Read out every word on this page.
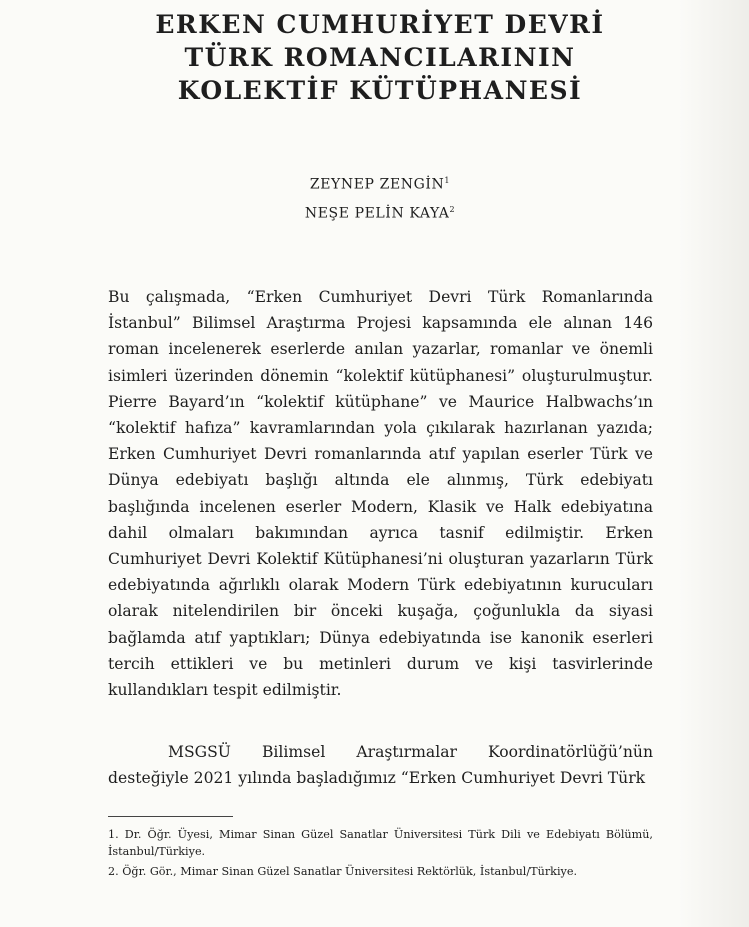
ERKEN CUMHURİYET DEVRİ
TÜRK ROMANCILARININ
KOLEKTİF KÜTÜPHANESİ
ZEYNEP ZENGİN$^1$
NEŞE PELİN KAYA$^2$

Bu çalışmada, “Erken Cumhuriyet Devri Türk Romanlarında İstanbul” Bilimsel Araştırma Projesi kapsamında ele alınan 146 roman incelenerek eserlerde anılan yazarlar, romanlar ve önemli isimleri üzerinden dönemin “kolektif kütüphanesi” oluşturulmuştur. Pierre Bayard’ın “kolektif kütüphane” ve Maurice Halbwachs’ın “kolektif hafıza” kavramlarından yola çıkılarak hazırlanan yazıda; Erken Cumhuriyet Devri romanlarında atıf yapılan eserler Türk ve Dünya edebiyatı başlığı altında ele alınmış, Türk edebiyatı başlığında incelenen eserler Modern, Klasik ve Halk edebiyatına dahil olmaları bakımından ayrıca tasnif edilmiştir. Erken Cumhuriyet Devri Kolektif Kütüphanesi’ni oluşturan yazarların Türk edebiyatında ağırlıklı olarak Modern Türk edebiyatının kurucuları olarak nitelendirilen bir önceki kuşağa, çoğunlukla da siyasi bağlamda atıf yaptıkları; Dünya edebiyatında ise kanonik eserleri tercih ettikleri ve bu metinleri durum ve kişi tasvirlerinde kullandıkları tespit edilmiştir.

MSGSÜ Bilimsel Araştırmalar Koordinatörlüğü’nün desteğiyle 2021 yılında başladığımız “Erken Cumhuriyet Devri Türk

1. Dr. Öğr. Üyesi, Mimar Sinan Güzel Sanatlar Üniversitesi Türk Dili ve Edebiyatı Bölümü, İstanbul/Türkiye.

2. Öğr. Gör., Mimar Sinan Güzel Sanatlar Üniversitesi Rektörlük, İstanbul/Türkiye.
